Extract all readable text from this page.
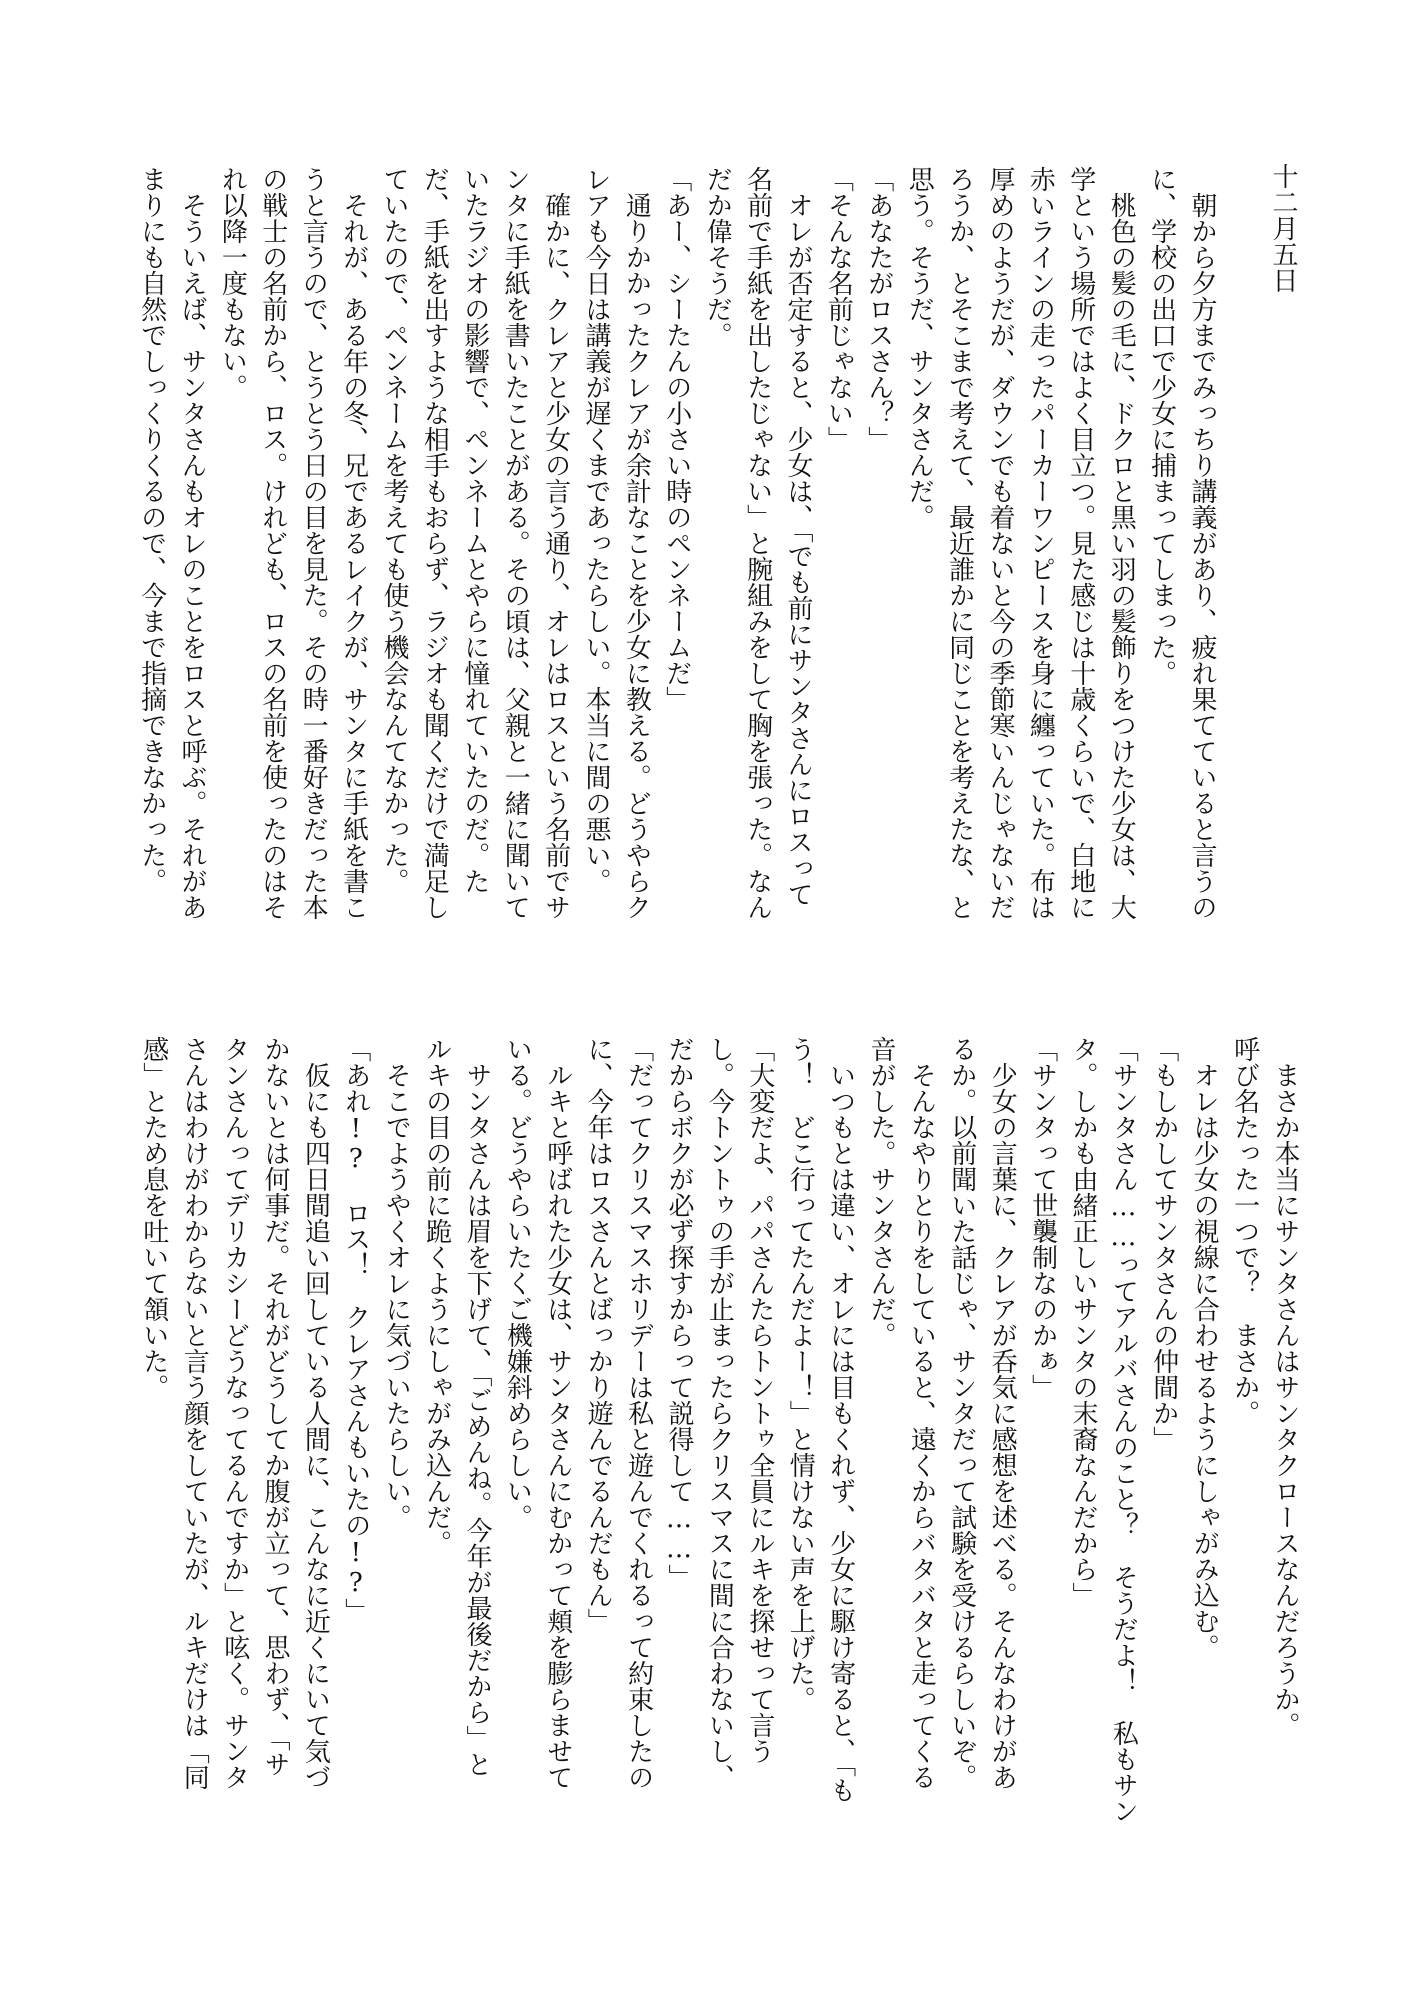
十二月五日
　朝から夕方までみっちり講義があり、疲れ果てていると言うの
に、学校の出口で少女に捕まってしまった。
　桃色の髪の毛に、ドクロと黒い羽の髪飾りをつけた少女は、大
学という場所ではよく目立つ。見た感じは十歳くらいで、白地に
赤いラインの走ったパーカーワンピースを身に纏っていた。布は
厚めのようだが、ダウンでも着ないと今の季節寒いんじゃないだ
ろうか、とそこまで考えて、最近誰かに同じことを考えたな、と
思う。そうだ、サンタさんだ。
「あなたがロスさん？」
「そんな名前じゃない」
　オレが否定すると、少女は、「でも前にサンタさんにロスって
名前で手紙を出したじゃない」と腕組みをして胸を張った。なん
だか偉そうだ。
「あー、シーたんの小さい時のペンネームだ」
　通りかかったクレアが余計なことを少女に教える。どうやらク
レアも今日は講義が遅くまであったらしい。本当に間の悪い。
　確かに、クレアと少女の言う通り、オレはロスという名前でサ
ンタに手紙を書いたことがある。その頃は、父親と一緒に聞いて
いたラジオの影響で、ペンネームとやらに憧れていたのだ。た
だ、手紙を出すような相手もおらず、ラジオも聞くだけで満足し
ていたので、ペンネームを考えても使う機会なんてなかった。
　それが、ある年の冬、兄であるレイクが、サンタに手紙を書こ
うと言うので、とうとう日の目を見た。その時一番好きだった本
の戦士の名前から、ロス。けれども、ロスの名前を使ったのはそ
れ以降一度もない。
　そういえば、サンタさんもオレのことをロスと呼ぶ。それがあ
まりにも自然でしっくりくるので、今まで指摘できなかった。
　まさか本当にサンタさんはサンタクロースなんだろうか。
呼び名たった一つで？　まさか。
　オレは少女の視線に合わせるようにしゃがみ込む。
「もしかしてサンタさんの仲間か」
「サンタさん……ってアルバさんのこと？　そうだよ！　私もサン
タ。しかも由緒正しいサンタの末裔なんだから」
「サンタって世襲制なのかぁ」
　少女の言葉に、クレアが呑気に感想を述べる。そんなわけがあ
るか。以前聞いた話じゃ、サンタだって試験を受けるらしいぞ。
　そんなやりとりをしていると、遠くからバタバタと走ってくる
音がした。サンタさんだ。
　いつもとは違い、オレには目もくれず、少女に駆け寄ると、「も
う！　どこ行ってたんだよー！」と情けない声を上げた。
「大変だよ、パパさんたらトントゥ全員にルキを探せって言う
し。今トントゥの手が止まったらクリスマスに間に合わないし、
だからボクが必ず探すからって説得して……」
「だってクリスマスホリデーは私と遊んでくれるって約束したの
に、今年はロスさんとばっかり遊んでるんだもん」
　ルキと呼ばれた少女は、サンタさんにむかって頬を膨らませて
いる。どうやらいたくご機嫌斜めらしい。
　サンタさんは眉を下げて、「ごめんね。今年が最後だから」と
ルキの目の前に跪くようにしゃがみ込んだ。
　そこでようやくオレに気づいたらしい。
「あれ!?　ロス！　クレアさんもいたの!?」
　仮にも四日間追い回している人間に、こんなに近くにいて気づ
かないとは何事だ。それがどうしてか腹が立って、思わず、「サ
タンさんってデリカシーどうなってるんですか」と呟く。サンタ
さんはわけがわからないと言う顔をしていたが、ルキだけは「同
感」とため息を吐いて頷いた。
